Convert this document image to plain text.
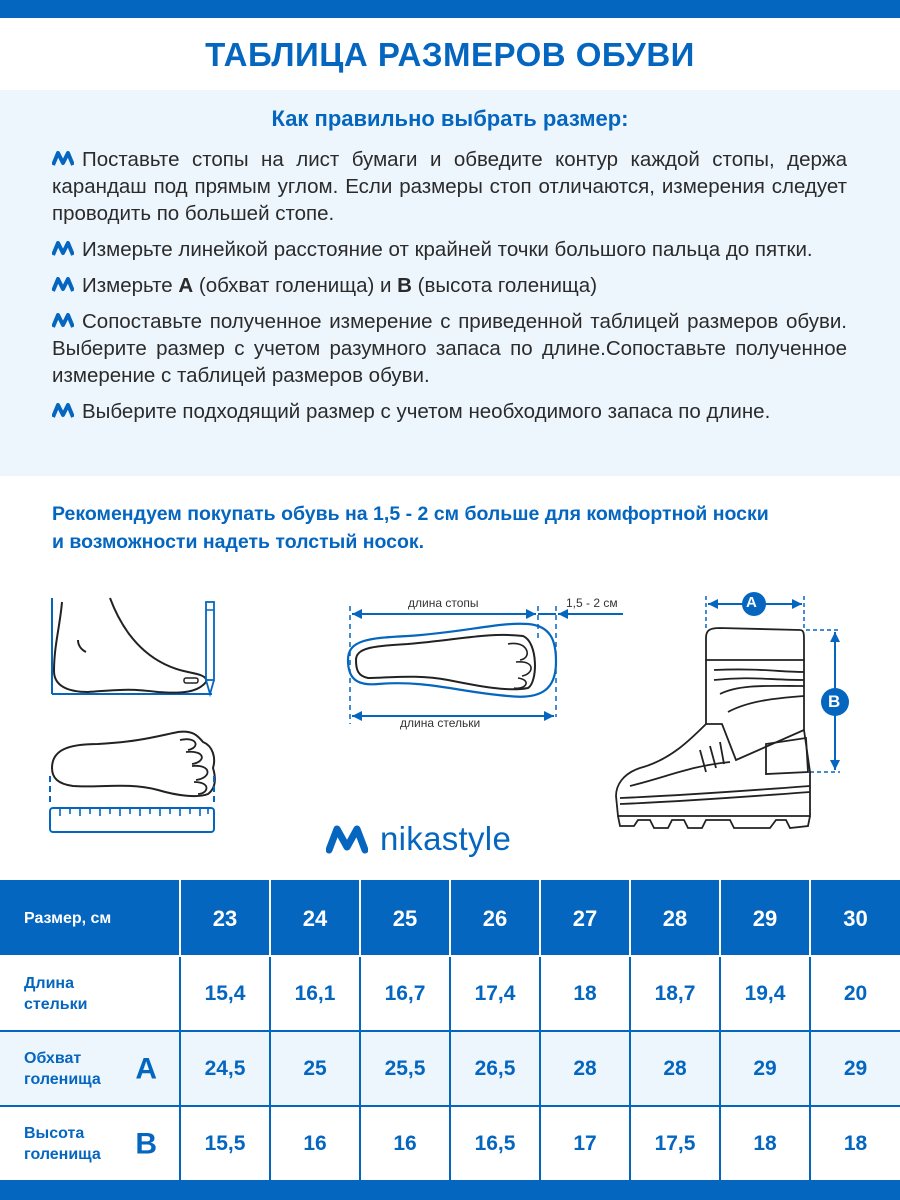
ТАБЛИЦА РАЗМЕРОВ ОБУВИ
Как правильно выбрать размер:

Поставьте стопы на лист бумаги и обведите контур каждой стопы, держа карандаш под прямым углом. Если размеры стоп отличаются, измерения следует проводить по большей стопе.

Измерьте линейкой расстояние от крайней точки большого пальца до пятки.

Измерьте A (обхват голенища) и B (высота голенища)

Сопоставьте полученное измерение с приведенной таблицей размеров обуви. Выберите размер с учетом разумного запаса по длине.Сопоставьте полученное измерение с таблицей размеров обуви.

Выберите подходящий размер с учетом необходимого запаса по длине.

Рекомендуем покупать обувь на 1,5 - 2 см больше для комфортной носки
и возможности надеть толстый носок.
длина стопы	1,5 - 2 см
длина стельки
A
B
nikastyle
Размер, см	23	24	25	26	27	28	29	30

Длина
стельки	15,4	16,1	16,7	17,4	18	18,7	19,4	20

Обхват
голенища A	24,5	25	25,5	26,5	28	28	29	29

Высота
голенища B	15,5	16	16	16,5	17	17,5	18	18
